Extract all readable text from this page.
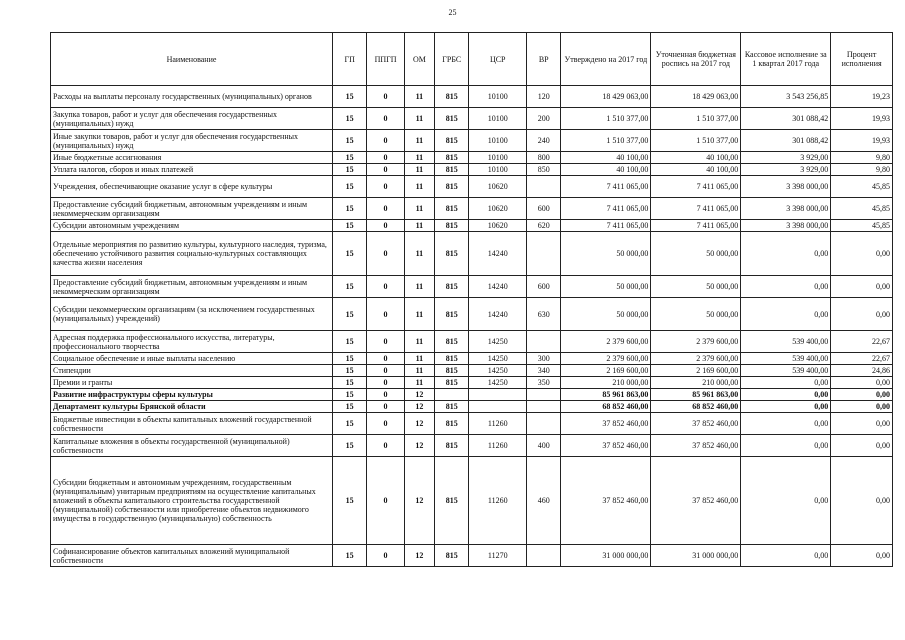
25
Наименование	ГП	ППГП	ОМ	ГРБС	ЦСР	ВР	Утверждено на 2017 год	Уточненная бюджетная роспись на 2017 год	Кассовое исполнение за 1 квартал 2017 года	Процент исполнения
Расходы на выплаты персоналу государственных (муниципальных) органов	15	0	11	815	10100	120	18 429 063,00	18 429 063,00	3 543 256,85	19,23
Закупка товаров, работ и услуг для обеспечения государственных (муниципальных) нужд	15	0	11	815	10100	200	1 510 377,00	1 510 377,00	301 088,42	19,93
Иные закупки товаров, работ и услуг для обеспечения государственных (муниципальных) нужд	15	0	11	815	10100	240	1 510 377,00	1 510 377,00	301 088,42	19,93
Иные бюджетные ассигнования	15	0	11	815	10100	800	40 100,00	40 100,00	3 929,00	9,80
Уплата налогов, сборов и иных платежей	15	0	11	815	10100	850	40 100,00	40 100,00	3 929,00	9,80
Учреждения, обеспечивающие оказание услуг в сфере культуры	15	0	11	815	10620		7 411 065,00	7 411 065,00	3 398 000,00	45,85
Предоставление субсидий бюджетным, автономным учреждениям и иным некоммерческим организациям	15	0	11	815	10620	600	7 411 065,00	7 411 065,00	3 398 000,00	45,85
Субсидии автономным учреждениям	15	0	11	815	10620	620	7 411 065,00	7 411 065,00	3 398 000,00	45,85
Отдельные мероприятия по развитию культуры, культурного наследия, туризма, обеспечению устойчивого развития социально-культурных составляющих качества жизни населения	15	0	11	815	14240		50 000,00	50 000,00	0,00	0,00
Предоставление субсидий бюджетным, автономным учреждениям и иным некоммерческим организациям	15	0	11	815	14240	600	50 000,00	50 000,00	0,00	0,00
Субсидии некоммерческим организациям (за исключением государственных (муниципальных) учреждений)	15	0	11	815	14240	630	50 000,00	50 000,00	0,00	0,00
Адресная поддержка профессионального искусства, литературы, профессионального творчества	15	0	11	815	14250		2 379 600,00	2 379 600,00	539 400,00	22,67
Социальное обеспечение и иные выплаты населению	15	0	11	815	14250	300	2 379 600,00	2 379 600,00	539 400,00	22,67
Стипендии	15	0	11	815	14250	340	2 169 600,00	2 169 600,00	539 400,00	24,86
Премии и гранты	15	0	11	815	14250	350	210 000,00	210 000,00	0,00	0,00
Развитие инфраструктуры сферы культуры	15	0	12				85 961 863,00	85 961 863,00	0,00	0,00
Департамент культуры Брянской области	15	0	12	815			68 852 460,00	68 852 460,00	0,00	0,00
Бюджетные инвестиции в объекты капитальных вложений государственной собственности	15	0	12	815	11260		37 852 460,00	37 852 460,00	0,00	0,00
Капитальные вложения в объекты государственной (муниципальной) собственности	15	0	12	815	11260	400	37 852 460,00	37 852 460,00	0,00	0,00
Субсидии бюджетным и автономным учреждениям, государственным (муниципальным) унитарным предприятиям на осуществление капитальных вложений в объекты капитального строительства государственной (муниципальной) собственности или приобретение объектов недвижимого имущества в государственную (муниципальную) собственность	15	0	12	815	11260	460	37 852 460,00	37 852 460,00	0,00	0,00
Софинансирование объектов капитальных вложений муниципальной собственности	15	0	12	815	11270		31 000 000,00	31 000 000,00	0,00	0,00
